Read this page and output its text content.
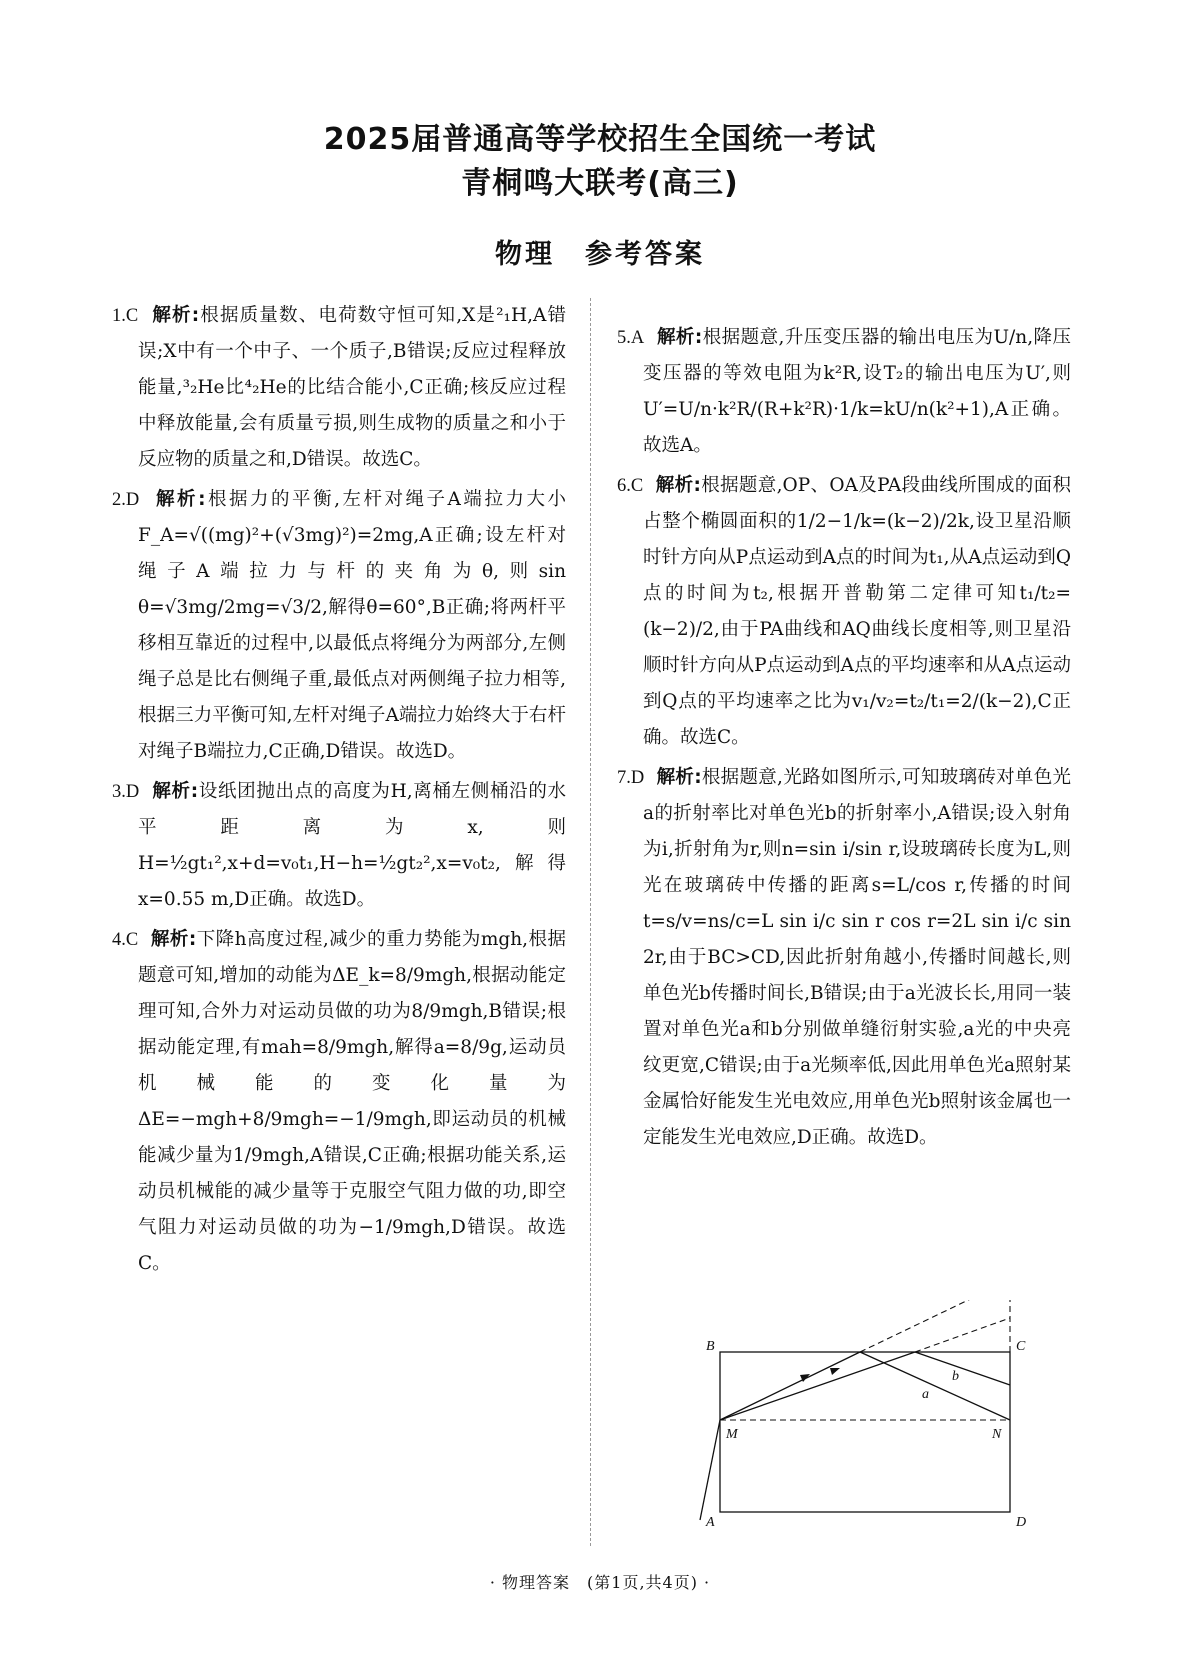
2025届普通高等学校招生全国统一考试
青桐鸣大联考(高三)
物理　参考答案
1.C 解析:根据质量数、电荷数守恒可知,X是²₁H,A错误;X中有一个中子、一个质子,B错误;反应过程释放能量,³₂He比⁴₂He的比结合能小,C正确;核反应过程中释放能量,会有质量亏损,则生成物的质量之和小于反应物的质量之和,D错误。故选C。
2.D 解析:根据力的平衡,左杆对绳子A端拉力大小F_A=√((mg)²+(√3mg)²)=2mg,A正确;设左杆对绳子A端拉力与杆的夹角为θ,则sin θ=√3mg/2mg=√3/2,解得θ=60°,B正确;将两杆平移相互靠近的过程中,以最低点将绳分为两部分,左侧绳子总是比右侧绳子重,最低点对两侧绳子拉力相等,根据三力平衡可知,左杆对绳子A端拉力始终大于右杆对绳子B端拉力,C正确,D错误。故选D。
3.D 解析:设纸团抛出点的高度为H,离桶左侧桶沿的水平距离为x,则H=½gt₁²,x+d=v₀t₁,H−h=½gt₂²,x=v₀t₂,解得x=0.55 m,D正确。故选D。
4.C 解析:下降h高度过程,减少的重力势能为mgh,根据题意可知,增加的动能为ΔE_k=8/9mgh,根据动能定理可知,合外力对运动员做的功为8/9mgh,B错误;根据动能定理,有mah=8/9mgh,解得a=8/9g,运动员机械能的变化量为ΔE=−mgh+8/9mgh=−1/9mgh,即运动员的机械能减少量为1/9mgh,A错误,C正确;根据功能关系,运动员机械能的减少量等于克服空气阻力做的功,即空气阻力对运动员做的功为−1/9mgh,D错误。故选C。
5.A 解析:根据题意,升压变压器的输出电压为U/n,降压变压器的等效电阻为k²R,设T₂的输出电压为U′,则U′=U/n·k²R/(R+k²R)·1/k=kU/n(k²+1),A正确。故选A。
6.C 解析:根据题意,OP、OA及PA段曲线所围成的面积占整个椭圆面积的1/2−1/k=(k−2)/2k,设卫星沿顺时针方向从P点运动到A点的时间为t₁,从A点运动到Q点的时间为t₂,根据开普勒第二定律可知t₁/t₂=(k−2)/2,由于PA曲线和AQ曲线长度相等,则卫星沿顺时针方向从P点运动到A点的平均速率和从A点运动到Q点的平均速率之比为v₁/v₂=t₂/t₁=2/(k−2),C正确。故选C。
7.D 解析:根据题意,光路如图所示,可知玻璃砖对单色光a的折射率比对单色光b的折射率小,A错误;设入射角为i,折射角为r,则n=sin i/sin r,设玻璃砖长度为L,则光在玻璃砖中传播的距离s=L/cos r,传播的时间t=s/v=ns/c=L sin i/c sin r cos r=2L sin i/c sin 2r,由于BC>CD,因此折射角越小,传播时间越长,则单色光b传播时间长,B错误;由于a光波长长,用同一装置对单色光a和b分别做单缝衍射实验,a光的中央亮纹更宽,C错误;由于a光频率低,因此用单色光a照射某金属恰好能发生光电效应,用单色光b照射该金属也一定能发生光电效应,D正确。故选D。
B	C
M	N
A	D
a
b
· 物理答案　(第1页,共4页) ·
